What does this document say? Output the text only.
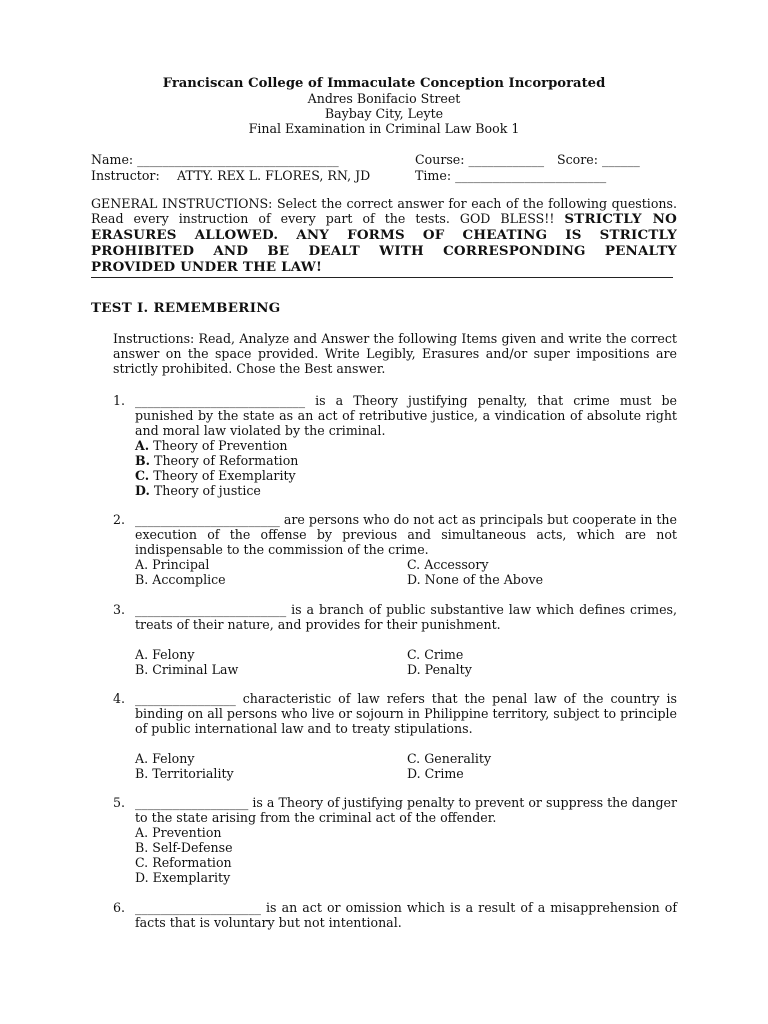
Franciscan College of Immaculate Conception Incorporated
Andres Bonifacio Street
Baybay City, Leyte
Final Examination in Criminal Law Book 1
Name: ________________________________	Course: ____________ Score: ______
Instructor: ATTY. REX L. FLORES, RN, JD	Time: ________________________
GENERAL INSTRUCTIONS: Select the correct answer for each of the following questions. Read every instruction of every part of the tests. GOD BLESS!! STRICTLY NO ERASURES ALLOWED. ANY FORMS OF CHEATING IS STRICTLY PROHIBITED AND BE DEALT WITH CORRESPONDING PENALTY PROVIDED UNDER THE LAW!
TEST I. REMEMBERING
Instructions: Read, Analyze and Answer the following Items given and write the correct answer on the space provided. Write Legibly, Erasures and/or super impositions are strictly prohibited. Chose the Best answer.
1. ___________________________ is a Theory justifying penalty, that crime must be punished by the state as an act of retributive justice, a vindication of absolute right and moral law violated by the criminal.
A. Theory of Prevention
B. Theory of Reformation
C. Theory of Exemplarity
D. Theory of justice
2. _______________________ are persons who do not act as principals but cooperate in the execution of the offense by previous and simultaneous acts, which are not indispensable to the commission of the crime.
A. Principal	C. Accessory
B. Accomplice	D. None of the Above
3. ________________________ is a branch of public substantive law which defines crimes, treats of their nature, and provides for their punishment.
A. Felony	C. Crime
B. Criminal Law	D. Penalty
4. ________________ characteristic of law refers that the penal law of the country is binding on all persons who live or sojourn in Philippine territory, subject to principle of public international law and to treaty stipulations.
A. Felony	C. Generality
B. Territoriality	D. Crime
5. __________________ is a Theory of justifying penalty to prevent or suppress the danger to the state arising from the criminal act of the offender.
A. Prevention
B. Self-Defense
C. Reformation
D. Exemplarity
6. ____________________ is an act or omission which is a result of a misapprehension of facts that is voluntary but not intentional.
